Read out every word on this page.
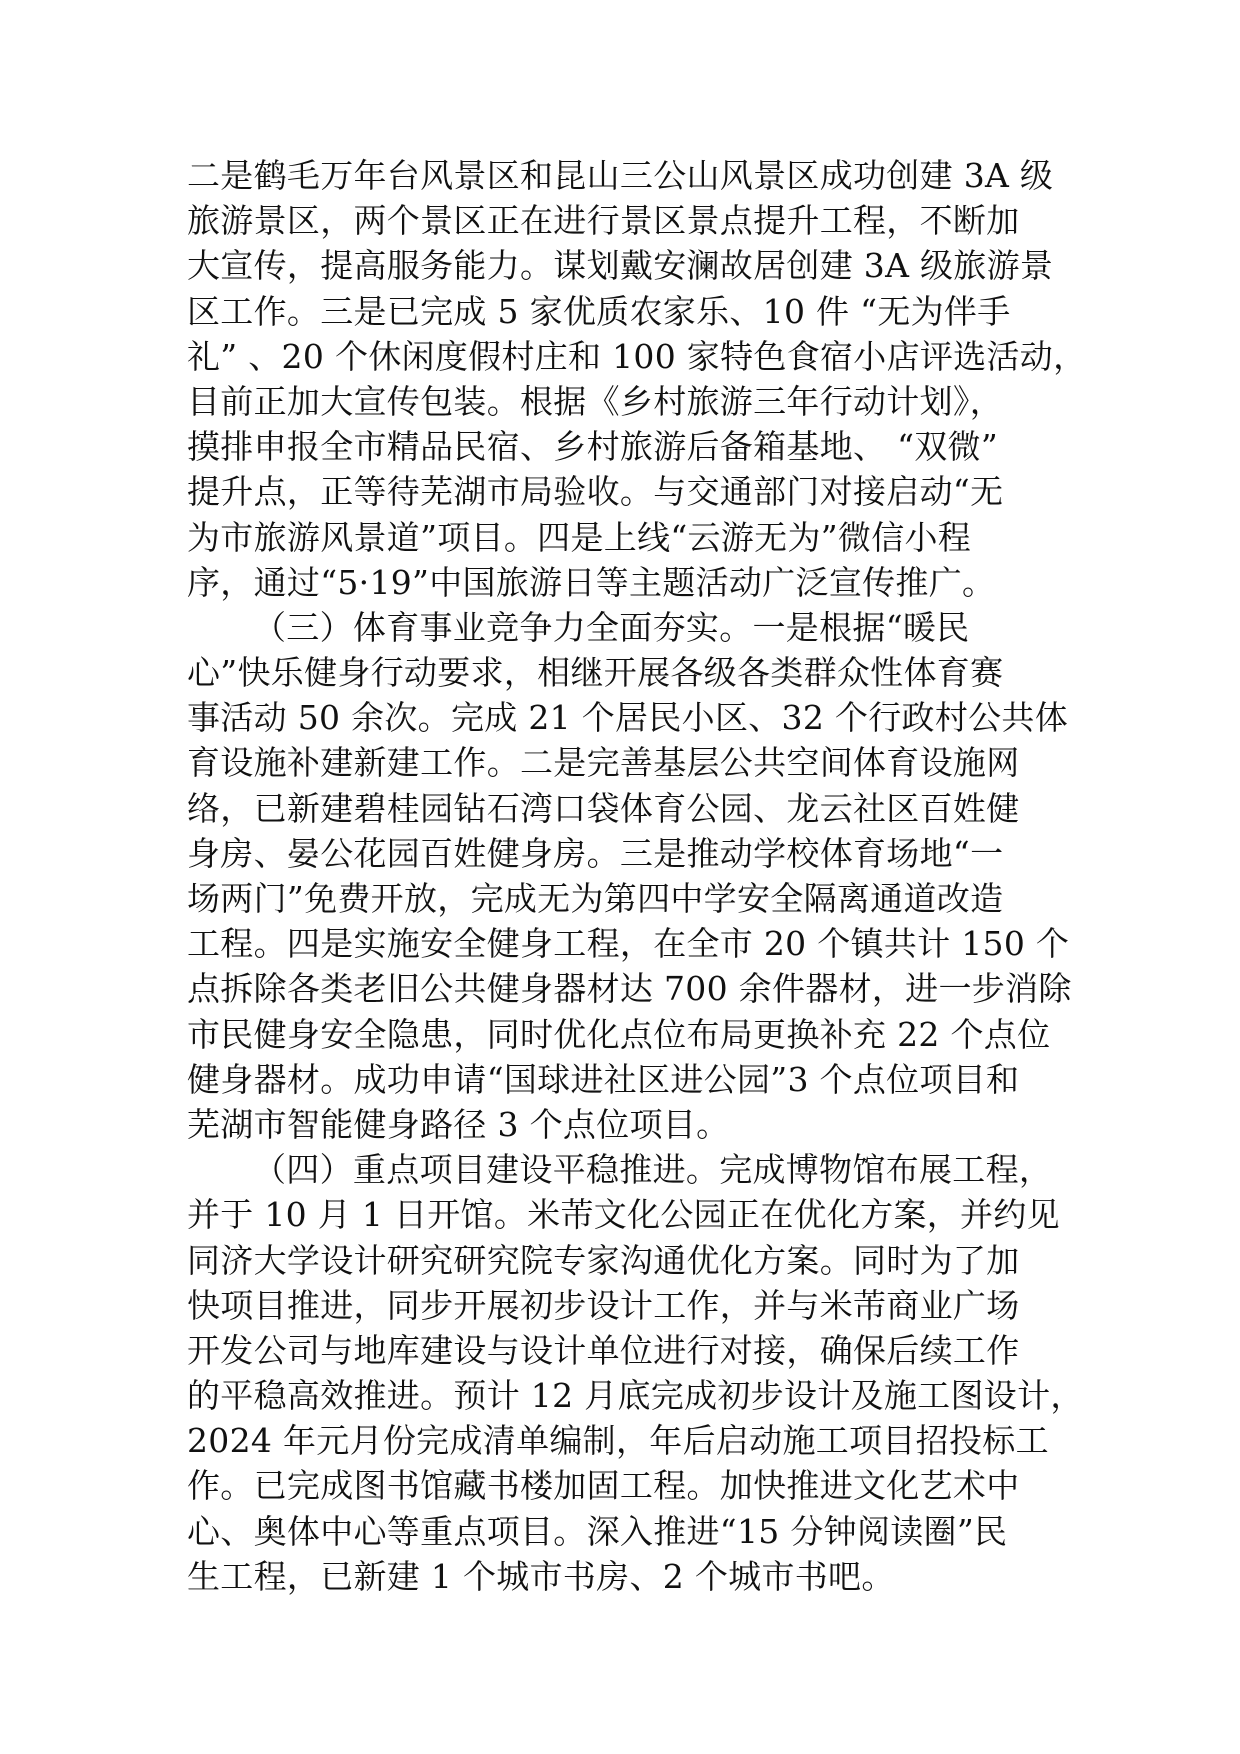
二是鹤毛万年台风景区和昆山三公山风景区成功创建 3A 级
旅游景区，两个景区正在进行景区景点提升工程，不断加
大宣传，提高服务能力。谋划戴安澜故居创建 3A 级旅游景
区工作。三是已完成 5 家优质农家乐、10 件 “无为伴手
礼” 、20 个休闲度假村庄和 100 家特色食宿小店评选活动，
目前正加大宣传包装。根据《乡村旅游三年行动计划》，
摸排申报全市精品民宿、乡村旅游后备箱基地、 “双微”
提升点，正等待芜湖市局验收。与交通部门对接启动“无
为市旅游风景道”项目。四是上线“云游无为”微信小程
序，通过“5·19”中国旅游日等主题活动广泛宣传推广。
（三）体育事业竞争力全面夯实。一是根据“暖民
心”快乐健身行动要求，相继开展各级各类群众性体育赛
事活动 50 余次。完成 21 个居民小区、32 个行政村公共体
育设施补建新建工作。二是完善基层公共空间体育设施网
络，已新建碧桂园钻石湾口袋体育公园、龙云社区百姓健
身房、晏公花园百姓健身房。三是推动学校体育场地“一
场两门”免费开放，完成无为第四中学安全隔离通道改造
工程。四是实施安全健身工程，在全市 20 个镇共计 150 个
点拆除各类老旧公共健身器材达 700 余件器材，进一步消除
市民健身安全隐患，同时优化点位布局更换补充 22 个点位
健身器材。成功申请“国球进社区进公园”3 个点位项目和
芜湖市智能健身路径 3 个点位项目。
（四）重点项目建设平稳推进。完成博物馆布展工程，
并于 10 月 1 日开馆。米芾文化公园正在优化方案，并约见
同济大学设计研究研究院专家沟通优化方案。同时为了加
快项目推进，同步开展初步设计工作，并与米芾商业广场
开发公司与地库建设与设计单位进行对接，确保后续工作
的平稳高效推进。预计 12 月底完成初步设计及施工图设计，
2024 年元月份完成清单编制，年后启动施工项目招投标工
作。已完成图书馆藏书楼加固工程。加快推进文化艺术中
心、奥体中心等重点项目。深入推进“15 分钟阅读圈”民
生工程，已新建 1 个城市书房、2 个城市书吧。
